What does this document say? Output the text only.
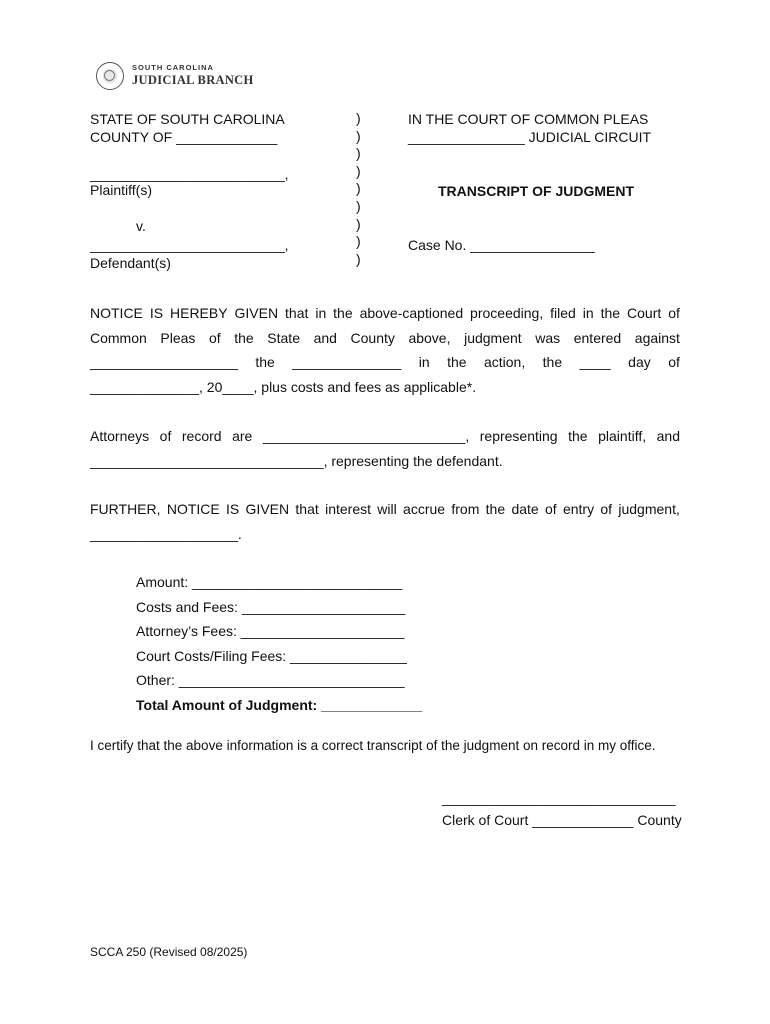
SOUTH CAROLINA
JUDICIAL BRANCH
STATE OF SOUTH CAROLINA
COUNTY OF _____________
_________________________,
Plaintiff(s)
v.
_________________________,
Defendant(s)
)
)
)
)
)
)
)
)
)
IN THE COURT OF COMMON PLEAS
_______________ JUDICIAL CIRCUIT
TRANSCRIPT OF JUDGMENT
Case No. ________________
NOTICE IS HEREBY GIVEN that in the above-captioned proceeding, filed in the Court of
Common Pleas of the State and County above, judgment was entered against
___________________ the ______________ in the action, the ____ day of
______________, 20____, plus costs and fees as applicable*.
Attorneys of record are __________________________, representing the plaintiff, and
______________________________, representing the defendant.
FURTHER, NOTICE IS GIVEN that interest will accrue from the date of entry of judgment,
___________________.
Amount: ___________________________
Costs and Fees: _____________________
Attorney’s Fees: _____________________
Court Costs/Filing Fees: _______________
Other: _____________________________
Total Amount of Judgment: _____________
I certify that the above information is a correct transcript of the judgment on record in my office.
______________________________
Clerk of Court _____________ County
SCCA 250 (Revised 08/2025)
